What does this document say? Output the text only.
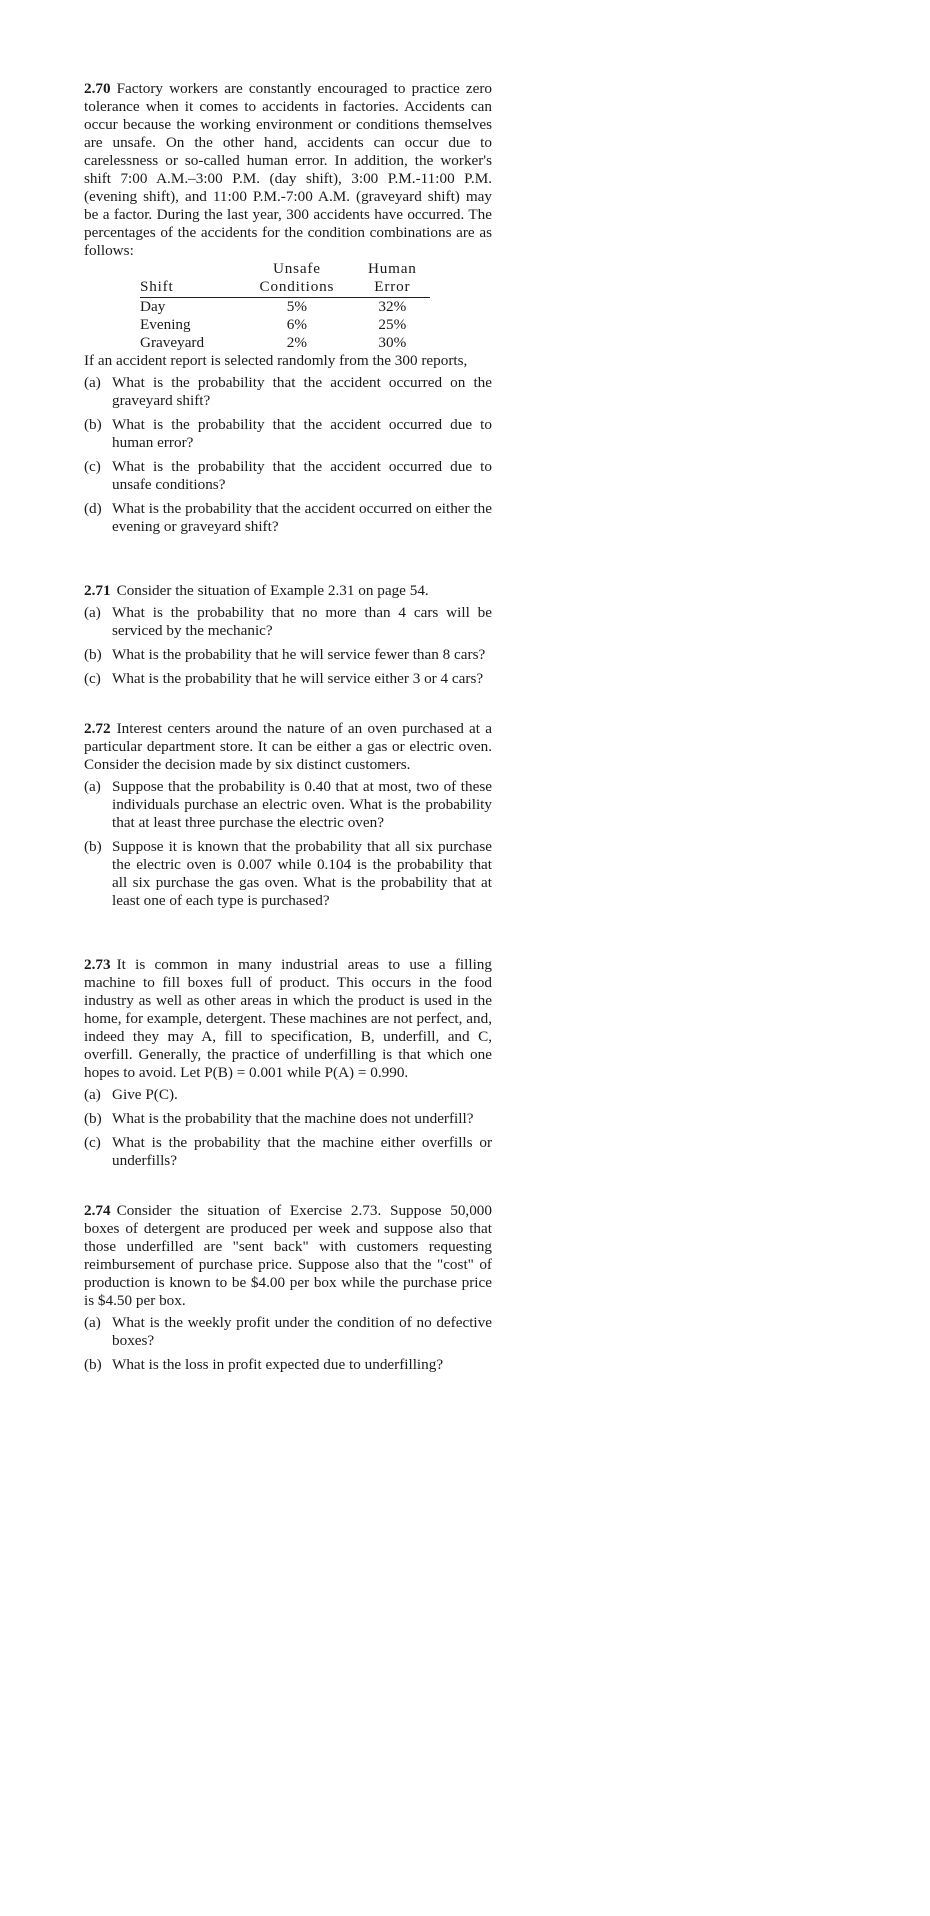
2.70 Factory workers are constantly encouraged to practice zero tolerance when it comes to accidents in factories. Accidents can occur because the working environment or conditions themselves are unsafe. On the other hand, accidents can occur due to carelessness or so-called human error. In addition, the worker's shift 7:00 A.M.–3:00 P.M. (day shift), 3:00 P.M.-11:00 P.M. (evening shift), and 11:00 P.M.-7:00 A.M. (graveyard shift) may be a factor. During the last year, 300 accidents have occurred. The percentages of the accidents for the condition combinations are as follows:

	Unsafe	Human
Shift	Conditions	Error
Day	5%	32%
Evening	6%	25%
Graveyard	2%	30%

If an accident report is selected randomly from the 300 reports,

(a) What is the probability that the accident occurred on the graveyard shift?
(b) What is the probability that the accident occurred due to human error?
(c) What is the probability that the accident occurred due to unsafe conditions?
(d) What is the probability that the accident occurred on either the evening or graveyard shift?

2.71 Consider the situation of Example 2.31 on page 54.

(a) What is the probability that no more than 4 cars will be serviced by the mechanic?
(b) What is the probability that he will service fewer than 8 cars?
(c) What is the probability that he will service either 3 or 4 cars?

2.72 Interest centers around the nature of an oven purchased at a particular department store. It can be either a gas or electric oven. Consider the decision made by six distinct customers.

(a) Suppose that the probability is 0.40 that at most, two of these individuals purchase an electric oven. What is the probability that at least three purchase the electric oven?
(b) Suppose it is known that the probability that all six purchase the electric oven is 0.007 while 0.104 is the probability that all six purchase the gas oven. What is the probability that at least one of each type is purchased?

2.73 It is common in many industrial areas to use a filling machine to fill boxes full of product. This occurs in the food industry as well as other areas in which the product is used in the home, for example, detergent. These machines are not perfect, and, indeed they may A, fill to specification, B, underfill, and C, overfill. Generally, the practice of underfilling is that which one hopes to avoid. Let P(B) = 0.001 while P(A) = 0.990.

(a) Give P(C).
(b) What is the probability that the machine does not underfill?
(c) What is the probability that the machine either overfills or underfills?

2.74 Consider the situation of Exercise 2.73. Suppose 50,000 boxes of detergent are produced per week and suppose also that those underfilled are "sent back" with customers requesting reimbursement of purchase price. Suppose also that the "cost" of production is known to be $4.00 per box while the purchase price is $4.50 per box.

(a) What is the weekly profit under the condition of no defective boxes?
(b) What is the loss in profit expected due to underfilling?
